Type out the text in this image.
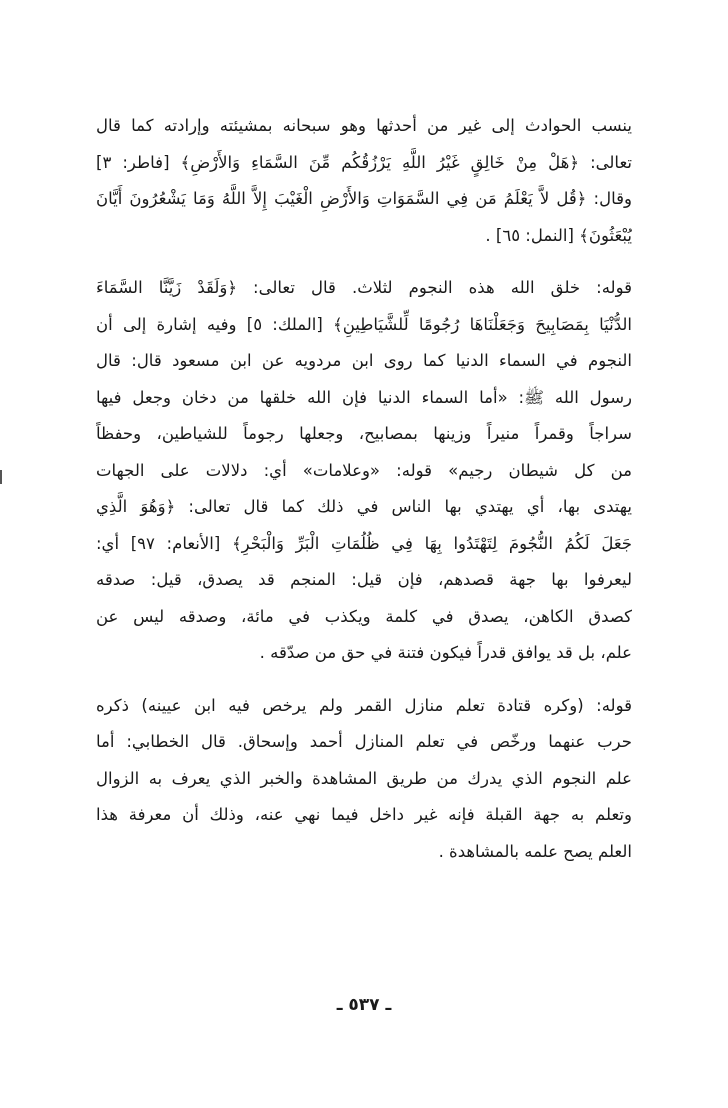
ينسب الحوادث إلى غير من أحدثها وهو سبحانه بمشيئته وإرادته كما قال
تعالى: ﴿هَلْ مِنْ خَالِقٍ غَيْرُ اللَّهِ يَرْزُقُكُم مِّنَ السَّمَاءِ وَالأَرْضِ﴾ [فاطر: ٣]
وقال: ﴿قُل لاَّ يَعْلَمُ مَن فِي السَّمَوَاتِ وَالأَرْضِ الْغَيْبَ إِلاَّ اللَّهُ وَمَا يَشْعُرُونَ أَيَّانَ
يُبْعَثُونَ﴾ [النمل: ٦٥] .
قوله: خلق الله هذه النجوم لثلاث. قال تعالى: ﴿وَلَقَدْ زَيَّنَّا السَّمَاءَ
الدُّنْيَا بِمَصَابِيحَ وَجَعَلْنَاهَا رُجُومًا لِّلشَّيَاطِينِ﴾ [الملك: ٥] وفيه إشارة إلى أن
النجوم في السماء الدنيا كما روى ابن مردويه عن ابن مسعود قال: قال
رسول الله ﷺ: «أما السماء الدنيا فإن الله خلقها من دخان وجعل فيها
سراجاً وقمراً منيراً وزينها بمصابيح، وجعلها رجوماً للشياطين، وحفظاً
من كل شيطان رجيم» قوله: «وعلامات» أي: دلالات على الجهات
يهتدى بها، أي يهتدي بها الناس في ذلك كما قال تعالى: ﴿وَهُوَ الَّذِي
جَعَلَ لَكُمُ النُّجُومَ لِتَهْتَدُوا بِهَا فِي ظُلُمَاتِ الْبَرِّ وَالْبَحْرِ﴾ [الأنعام: ٩٧] أي:
ليعرفوا بها جهة قصدهم، فإن قيل: المنجم قد يصدق، قيل: صدقه
كصدق الكاهن، يصدق في كلمة ويكذب في مائة، وصدقه ليس عن
علم، بل قد يوافق قدراً فيكون فتنة في حق من صدّقه .
قوله: (وكره قتادة تعلم منازل القمر ولم يرخص فيه ابن عيينه) ذكره
حرب عنهما ورخّص في تعلم المنازل أحمد وإسحاق. قال الخطابي: أما
علم النجوم الذي يدرك من طريق المشاهدة والخبر الذي يعرف به الزوال
وتعلم به جهة القبلة فإنه غير داخل فيما نهي عنه، وذلك أن معرفة هذا
العلم يصح علمه بالمشاهدة .
ـ ٥٣٧ ـ
